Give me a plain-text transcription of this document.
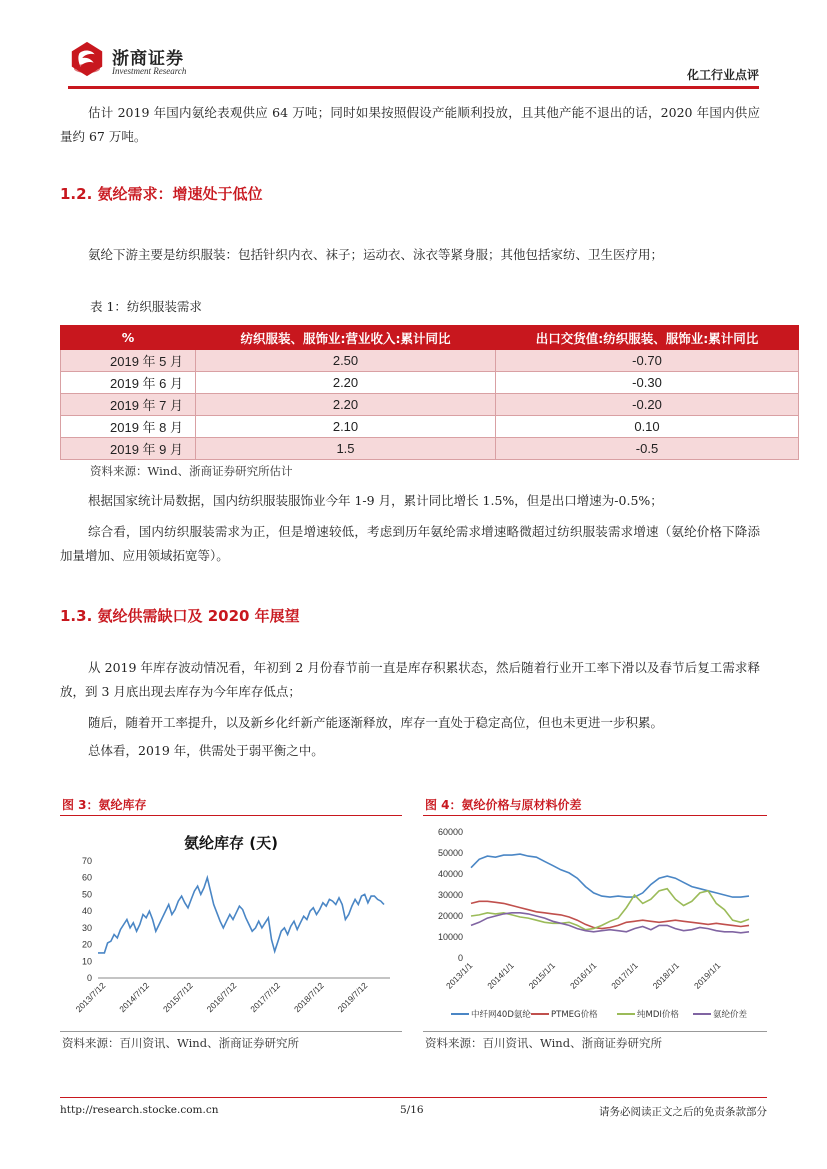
浙商证券
Investment Research	化工行业点评
估计 2019 年国内氨纶表观供应 64 万吨；同时如果按照假设产能顺利投放，且其他产能不退出的话，2020 年国内供应量约 67 万吨。
1.2. 氨纶需求：增速处于低位
氨纶下游主要是纺织服装：包括针织内衣、袜子；运动衣、泳衣等紧身服；其他包括家纺、卫生医疗用；
表 1：纺织服装需求
%	纺织服装、服饰业:营业收入:累计同比	出口交货值:纺织服装、服饰业:累计同比
2019 年 5 月	2.50	-0.70
2019 年 6 月	2.20	-0.30
2019 年 7 月	2.20	-0.20
2019 年 8 月	2.10	0.10
2019 年 9 月	1.5	-0.5
资料来源：Wind、浙商证券研究所估计
根据国家统计局数据，国内纺织服装服饰业今年 1-9 月，累计同比增长 1.5%，但是出口增速为-0.5%；
综合看，国内纺织服装需求为正，但是增速较低，考虑到历年氨纶需求增速略微超过纺织服装需求增速（氨纶价格下降添加量增加、应用领域拓宽等）。
1.3. 氨纶供需缺口及 2020 年展望
从 2019 年库存波动情况看，年初到 2 月份春节前一直是库存积累状态，然后随着行业开工率下滑以及春节后复工需求释放，到 3 月底出现去库存为今年库存低点；
随后，随着开工率提升，以及新乡化纤新产能逐渐释放，库存一直处于稳定高位，但也未更进一步积累。
总体看，2019 年，供需处于弱平衡之中。
图 3：氨纶库存
氨纶库存 (天)
0
10
20
30
40
50
60
70
2013/7/12 2014/7/12 2015/7/12 2016/7/12 2017/7/12 2018/7/12 2019/7/12
资料来源：百川资讯、Wind、浙商证券研究所
图 4：氨纶价格与原材料价差
0
10000
20000
30000
40000
50000
60000
2013/1/1 2014/1/1 2015/1/1 2016/1/1 2017/1/1 2018/1/1 2019/1/1
中纤网40D氨纶 PTMEG价格	纯MDI价格	氨纶价差
资料来源：百川资讯、Wind、浙商证券研究所
http://research.stocke.com.cn	5/16	请务必阅读正文之后的免责条款部分
